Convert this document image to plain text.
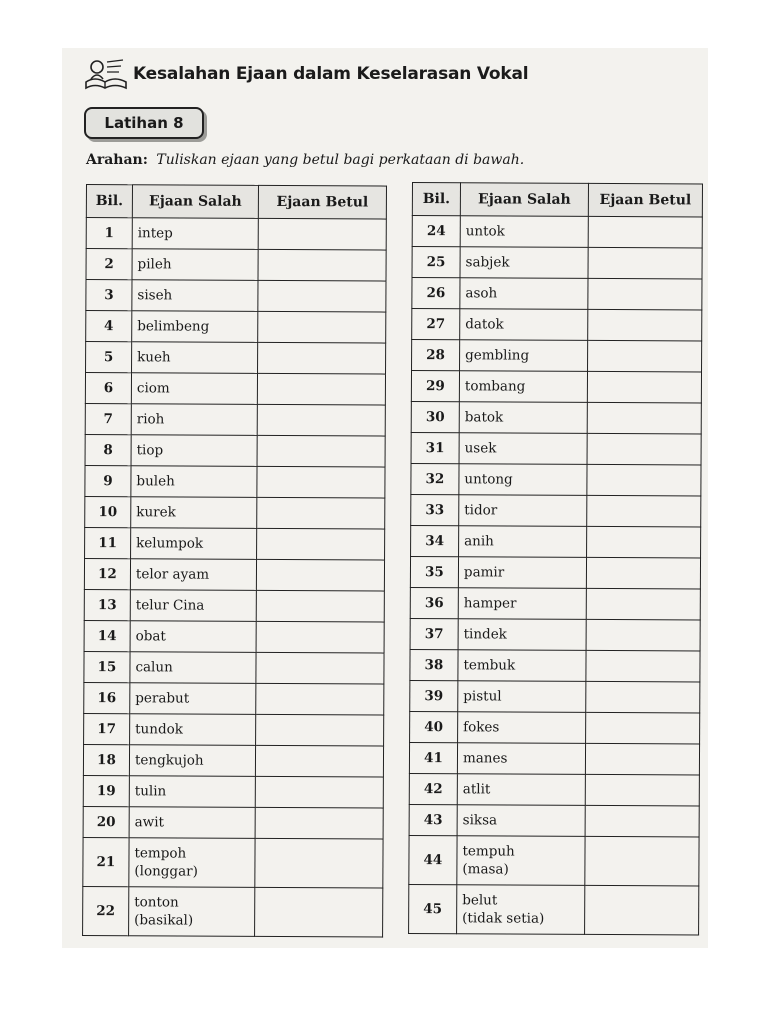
Kesalahan Ejaan dalam Keselarasan Vokal
Latihan 8
Arahan: Tuliskan ejaan yang betul bagi perkataan di bawah.
Bil.	Ejaan Salah	Ejaan Betul
1	intep	
2	pileh	
3	siseh	
4	belimbeng	
5	kueh	
6	ciom	
7	rioh	
8	tiop	
9	buleh	
10	kurek	
11	kelumpok	
12	telor ayam	
13	telur Cina	
14	obat	
15	calun	
16	perabut	
17	tundok	
18	tengkujoh	
19	tulin	
20	awit	
21	tempoh
(longgar)	
22	tonton
(basikal)	
Bil.	Ejaan Salah	Ejaan Betul
24	untok	
25	sabjek	
26	asoh	
27	datok	
28	gembling	
29	tombang	
30	batok	
31	usek	
32	untong	
33	tidor	
34	anih	
35	pamir	
36	hamper	
37	tindek	
38	tembuk	
39	pistul	
40	fokes	
41	manes	
42	atlit	
43	siksa	
44	tempuh
(masa)	
45	belut
(tidak setia)	
